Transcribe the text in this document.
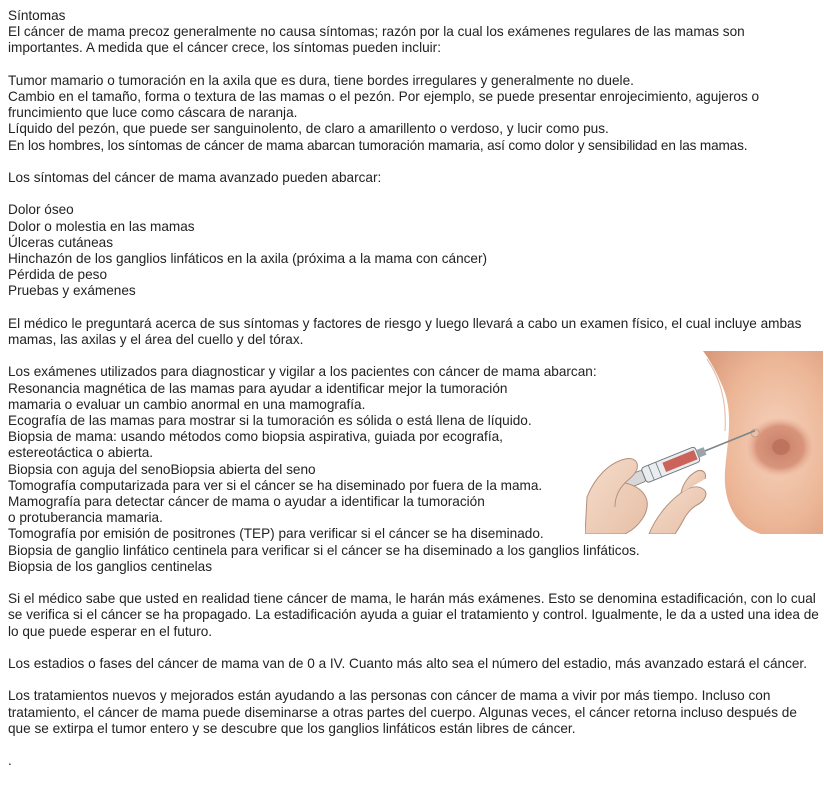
Síntomas
El cáncer de mama precoz generalmente no causa síntomas; razón por la cual los exámenes regulares de las mamas son importantes. A medida que el cáncer crece, los síntomas pueden incluir:
Tumor mamario o tumoración en la axila que es dura, tiene bordes irregulares y generalmente no duele.
Cambio en el tamaño, forma o textura de las mamas o el pezón. Por ejemplo, se puede presentar enrojecimiento, agujeros o fruncimiento que luce como cáscara de naranja.
Líquido del pezón, que puede ser sanguinolento, de claro a amarillento o verdoso, y lucir como pus.
En los hombres, los síntomas de cáncer de mama abarcan tumoración mamaria, así como dolor y sensibilidad en las mamas.
Los síntomas del cáncer de mama avanzado pueden abarcar:
Dolor óseo
Dolor o molestia en las mamas
Úlceras cutáneas
Hinchazón de los ganglios linfáticos en la axila (próxima a la mama con cáncer)
Pérdida de peso
Pruebas y exámenes
El médico le preguntará acerca de sus síntomas y factores de riesgo y luego llevará a cabo un examen físico, el cual incluye ambas mamas, las axilas y el área del cuello y del tórax.
Los exámenes utilizados para diagnosticar y vigilar a los pacientes con cáncer de mama abarcan:
Resonancia magnética de las mamas para ayudar a identificar mejor la tumoración
mamaria o evaluar un cambio anormal en una mamografía.
Ecografía de las mamas para mostrar si la tumoración es sólida o está llena de líquido.
Biopsia de mama: usando métodos como biopsia aspirativa, guiada por ecografía,
estereotáctica o abierta.
Biopsia con aguja del senoBiopsia abierta del seno
Tomografía computarizada para ver si el cáncer se ha diseminado por fuera de la mama.
Mamografía para detectar cáncer de mama o ayudar a identificar la tumoración
o protuberancia mamaria.
Tomografía por emisión de positrones (TEP) para verificar si el cáncer se ha diseminado.
Biopsia de ganglio linfático centinela para verificar si el cáncer se ha diseminado a los ganglios linfáticos.
Biopsia de los ganglios centinelas
Si el médico sabe que usted en realidad tiene cáncer de mama, le harán más exámenes. Esto se denomina estadificación, con lo cual se verifica si el cáncer se ha propagado. La estadificación ayuda a guiar el tratamiento y control. Igualmente, le da a usted una idea de lo que puede esperar en el futuro.
Los estadios o fases del cáncer de mama van de 0 a IV. Cuanto más alto sea el número del estadio, más avanzado estará el cáncer.
Los tratamientos nuevos y mejorados están ayudando a las personas con cáncer de mama a vivir por más tiempo. Incluso con tratamiento, el cáncer de mama puede diseminarse a otras partes del cuerpo. Algunas veces, el cáncer retorna incluso después de que se extirpa el tumor entero y se descubre que los ganglios linfáticos están libres de cáncer.
.
